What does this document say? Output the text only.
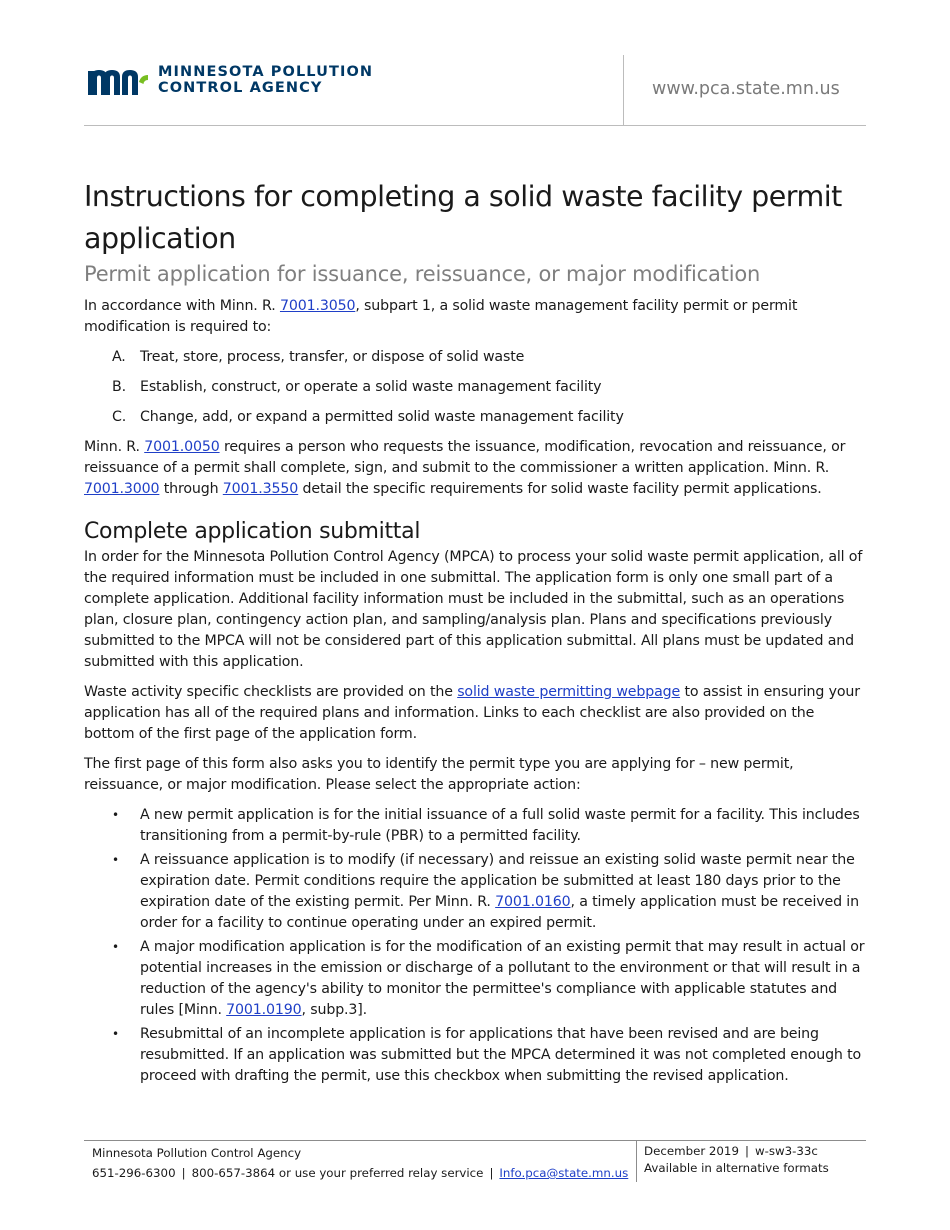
MINNESOTA POLLUTION
CONTROL AGENCY	www.pca.state.mn.us
Instructions for completing a solid waste facility permit application
Permit application for issuance, reissuance, or major modification

In accordance with Minn. R. 7001.3050, subpart 1, a solid waste management facility permit or permit modification is required to:

A.	Treat, store, process, transfer, or dispose of solid waste
B. Establish, construct, or operate a solid waste management facility
C. Change, add, or expand a permitted solid waste management facility

Minn. R. 7001.0050 requires a person who requests the issuance, modification, revocation and reissuance, or reissuance of a permit shall complete, sign, and submit to the commissioner a written application. Minn. R. 7001.3000 through 7001.3550 detail the specific requirements for solid waste facility permit applications.

Complete application submittal

In order for the Minnesota Pollution Control Agency (MPCA) to process your solid waste permit application, all of the required information must be included in one submittal. The application form is only one small part of a complete application. Additional facility information must be included in the submittal, such as an operations plan, closure plan, contingency action plan, and sampling/analysis plan. Plans and specifications previously submitted to the MPCA will not be considered part of this application submittal. All plans must be updated and submitted with this application.

Waste activity specific checklists are provided on the solid waste permitting webpage to assist in ensuring your application has all of the required plans and information. Links to each checklist are also provided on the bottom of the first page of the application form.

The first page of this form also asks you to identify the permit type you are applying for – new permit, reissuance, or major modification. Please select the appropriate action:

•	A new permit application is for the initial issuance of a full solid waste permit for a facility. This includes transitioning from a permit-by-rule (PBR) to a permitted facility.
•	A reissuance application is to modify (if necessary) and reissue an existing solid waste permit near the expiration date. Permit conditions require the application be submitted at least 180 days prior to the expiration date of the existing permit. Per Minn. R. 7001.0160, a timely application must be received in order for a facility to continue operating under an expired permit.
•	A major modification application is for the modification of an existing permit that may result in actual or potential increases in the emission or discharge of a pollutant to the environment or that will result in a reduction of the agency's ability to monitor the permittee's compliance with applicable statutes and rules [Minn. 7001.0190, subp.3].
•	Resubmittal of an incomplete application is for applications that have been revised and are being resubmitted. If an application was submitted but the MPCA determined it was not completed enough to proceed with drafting the permit, use this checkbox when submitting the revised application.
Minnesota Pollution Control Agency
651-296-6300 | 800-657-3864 or use your preferred relay service | Info.pca@state.mn.us
December 2019 | w-sw3-33c
Available in alternative formats
